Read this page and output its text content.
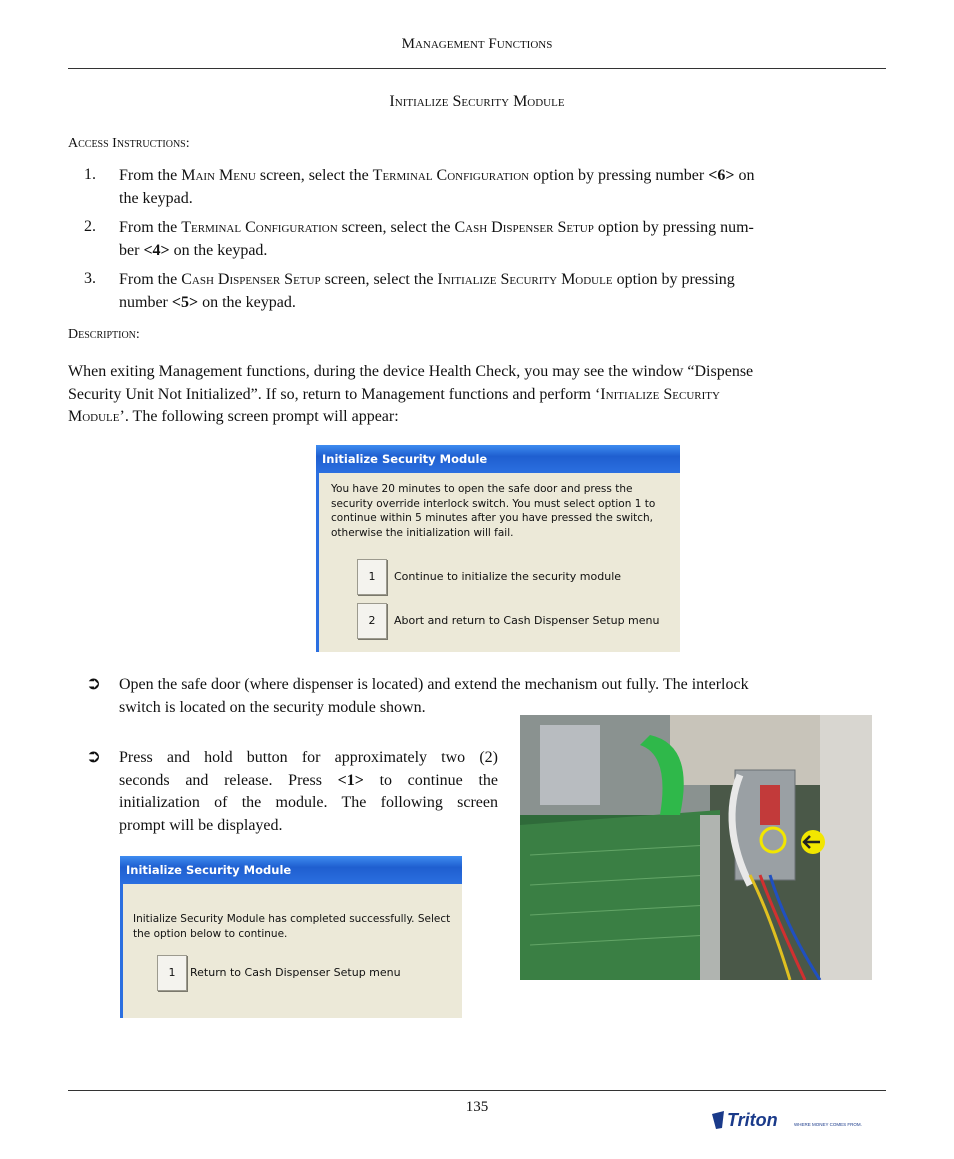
Management Functions
Initialize Security Module
Access Instructions:
1. From the Main Menu screen, select the Terminal Configuration option by pressing number <6> on
the keypad.
2. From the Terminal Configuration screen, select the Cash Dispenser Setup option by pressing num-
ber <4> on the keypad.
3. From the Cash Dispenser Setup screen, select the Initialize Security Module option by pressing
number <5> on the keypad.
Description:
When exiting Management functions, during the device Health Check, you may see the window “Dispense
Security Unit Not Initialized”. If so, return to Management functions and perform ‘Initialize Security
Module’. The following screen prompt will appear:
Initialize Security Module
You have 20 minutes to open the safe door and press the
security override interlock switch. You must select option 1 to
continue within 5 minutes after you have pressed the switch,
otherwise the initialization will fail.
1	Continue to initialize the security module
2	Abort and return to Cash Dispenser Setup menu
➲ Open the safe door (where dispenser is located) and extend the mechanism out fully. The interlock
switch is located on the security module shown.
➲ Press and hold button for approximately two (2)
seconds and release. Press <1> to continue the
initialization of the module. The following screen
prompt will be displayed.
Initialize Security Module
Initialize Security Module has completed successfully. Select
the option below to continue.
1	Return to Cash Dispenser Setup menu
135
Triton	WHERE MONEY COMES FROM.
